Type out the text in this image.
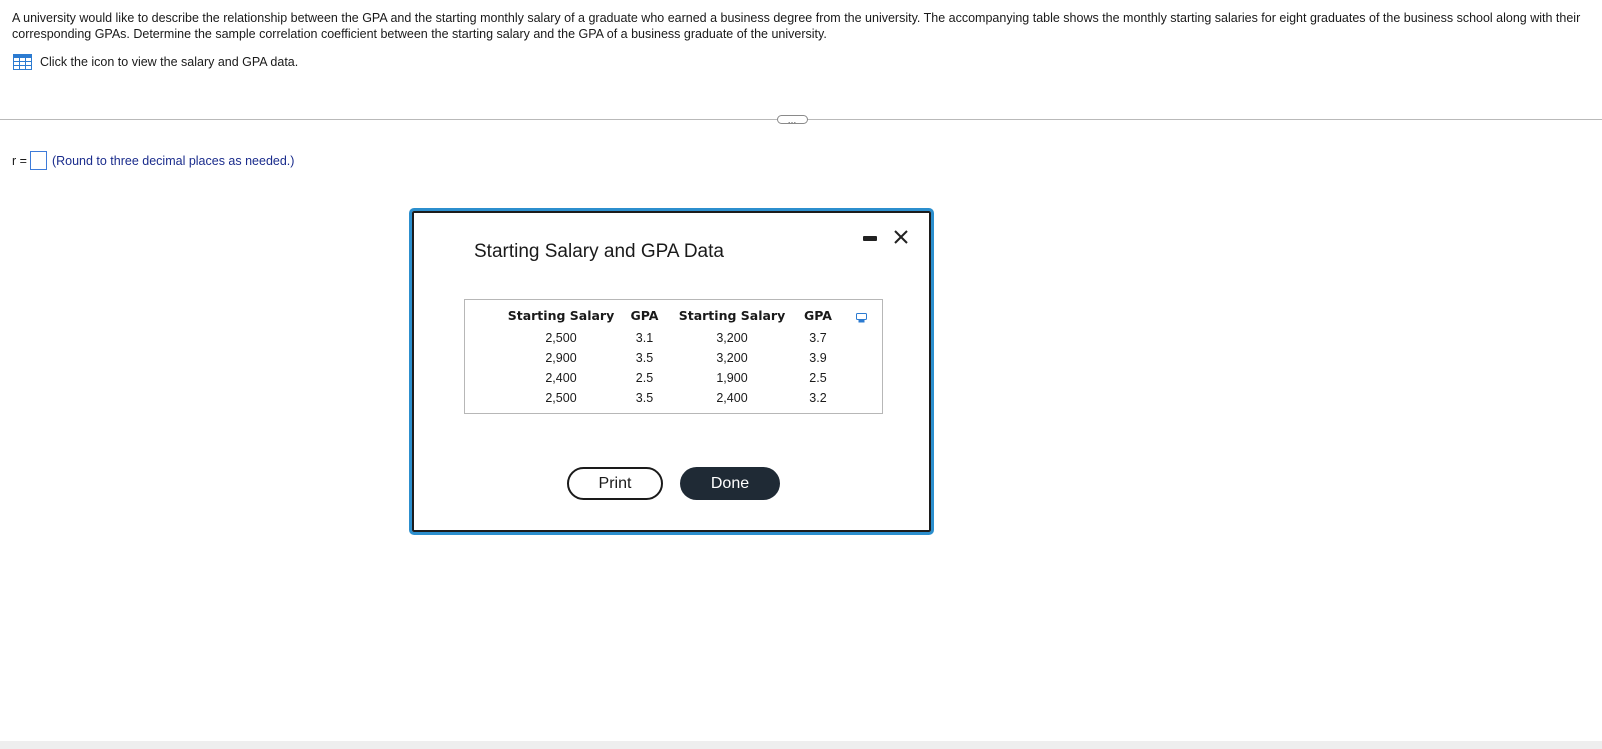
A university would like to describe the relationship between the GPA and the starting monthly salary of a graduate who earned a business degree from the university. The accompanying table shows the monthly starting salaries for eight graduates of the business school along with their corresponding GPAs. Determine the sample correlation coefficient between the starting salary and the GPA of a business graduate of the university.
Click the icon to view the salary and GPA data.
…
r = (Round to three decimal places as needed.)
Starting Salary and GPA Data
Starting Salary	GPA	Starting Salary	GPA
2,500	3.1	3,200	3.7
2,900	3.5	3,200	3.9
2,400	2.5	1,900	2.5
2,500	3.5	2,400	3.2
Print	Done
